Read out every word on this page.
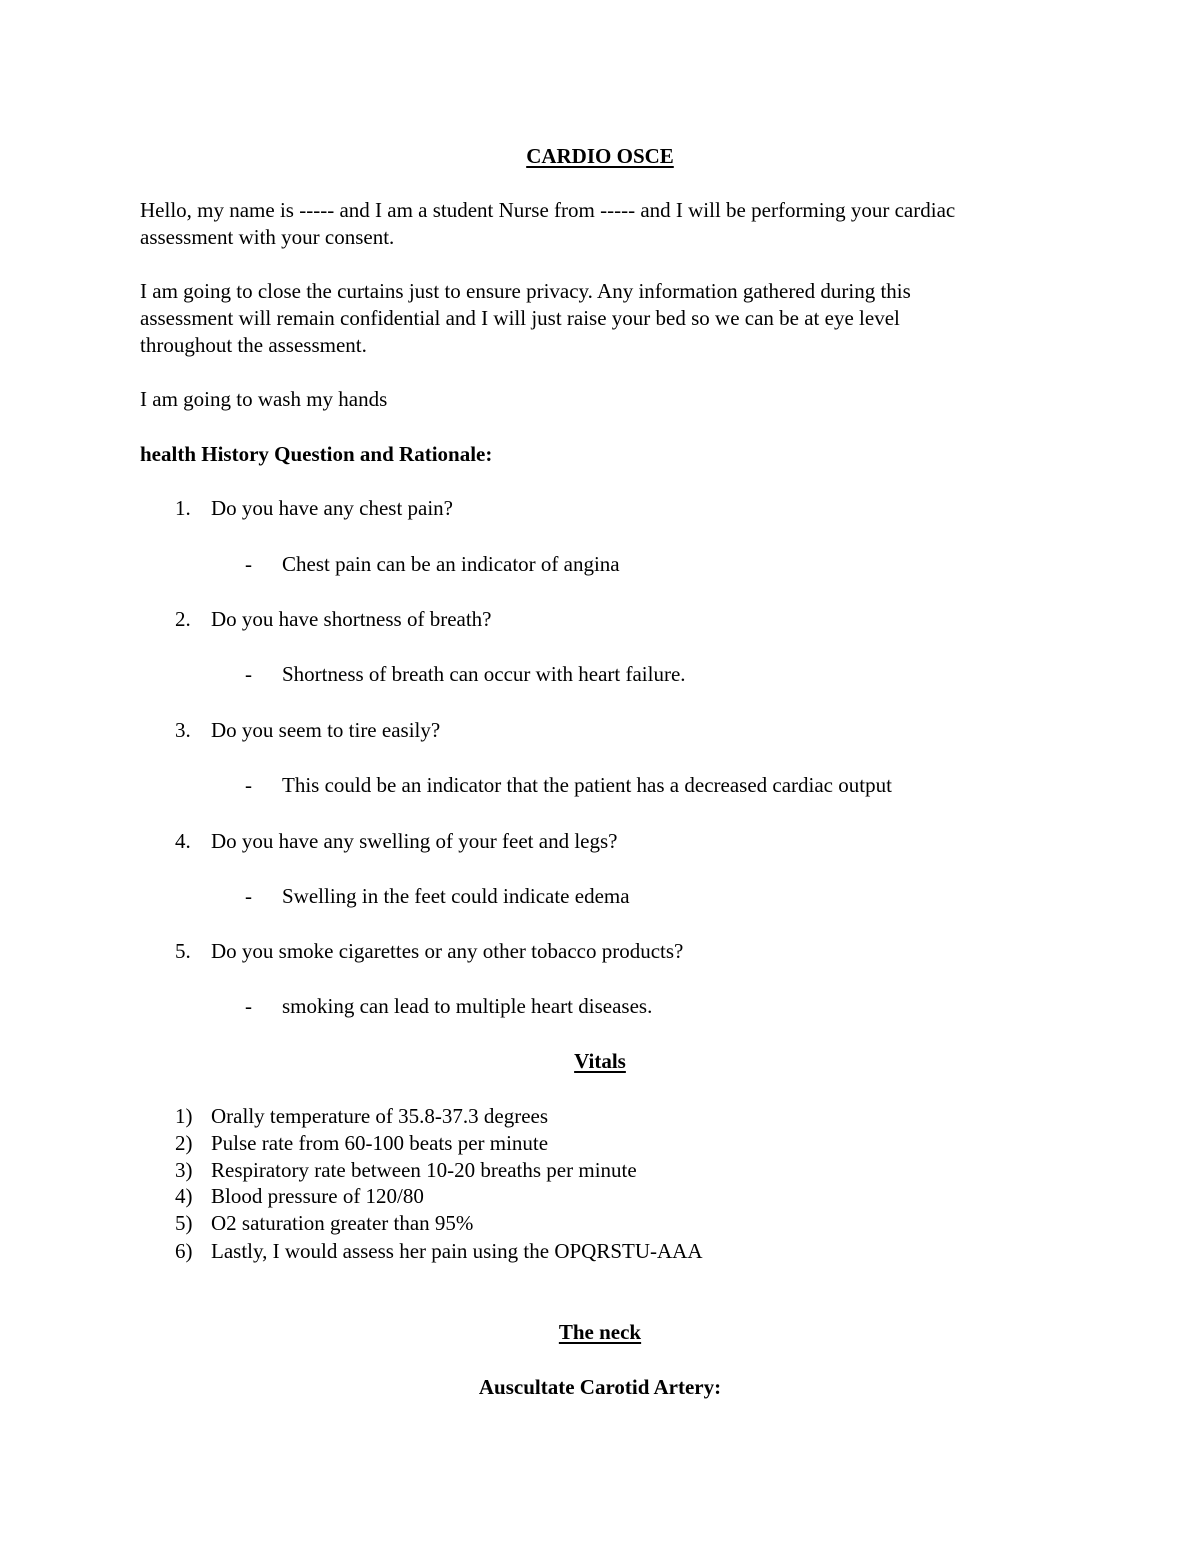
CARDIO OSCE
Hello, my name is ----- and I am a student Nurse from ----- and I will be performing your cardiac
assessment with your consent.
I am going to close the curtains just to ensure privacy. Any information gathered during this
assessment will remain confidential and I will just raise your bed so we can be at eye level
throughout the assessment.
I am going to wash my hands
health History Question and Rationale:
1. Do you have any chest pain?
- Chest pain can be an indicator of angina
2. Do you have shortness of breath?
- Shortness of breath can occur with heart failure.
3. Do you seem to tire easily?
- This could be an indicator that the patient has a decreased cardiac output
4. Do you have any swelling of your feet and legs?
- Swelling in the feet could indicate edema
5. Do you smoke cigarettes or any other tobacco products?
- smoking can lead to multiple heart diseases.
Vitals
1) Orally temperature of 35.8-37.3 degrees
2) Pulse rate from 60-100 beats per minute
3) Respiratory rate between 10-20 breaths per minute
4) Blood pressure of 120/80
5) O2 saturation greater than 95%
6) Lastly, I would assess her pain using the OPQRSTU-AAA
The neck
Auscultate Carotid Artery:
